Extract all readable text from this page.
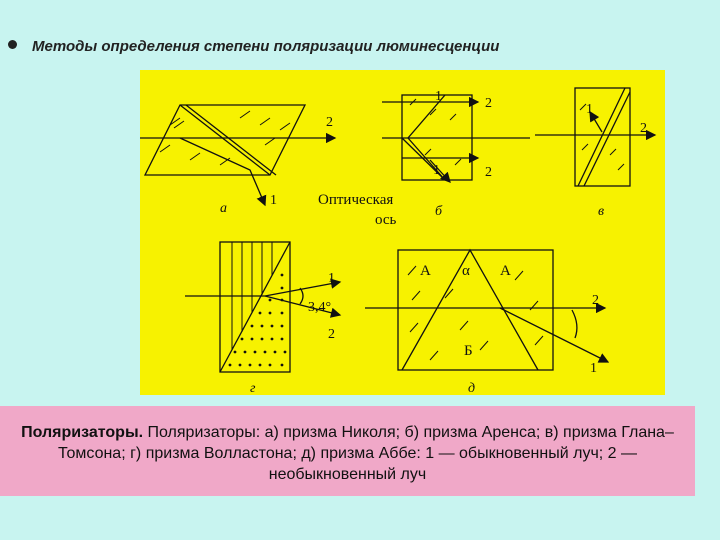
Методы определения степени поляризации люминесценции
а
2
1	Оптическая
ось
1	2
1	2
б
1
2
в
1
2
3,4°
г
А α А
Б
2
1
д
Поляризаторы. Поляризаторы: а) призма Николя; б) призма Аренса; в) призма Глана–Томсона; г) призма Волластона; д) призма Аббе: 1 — обыкновенный луч; 2 — необыкновенный луч
